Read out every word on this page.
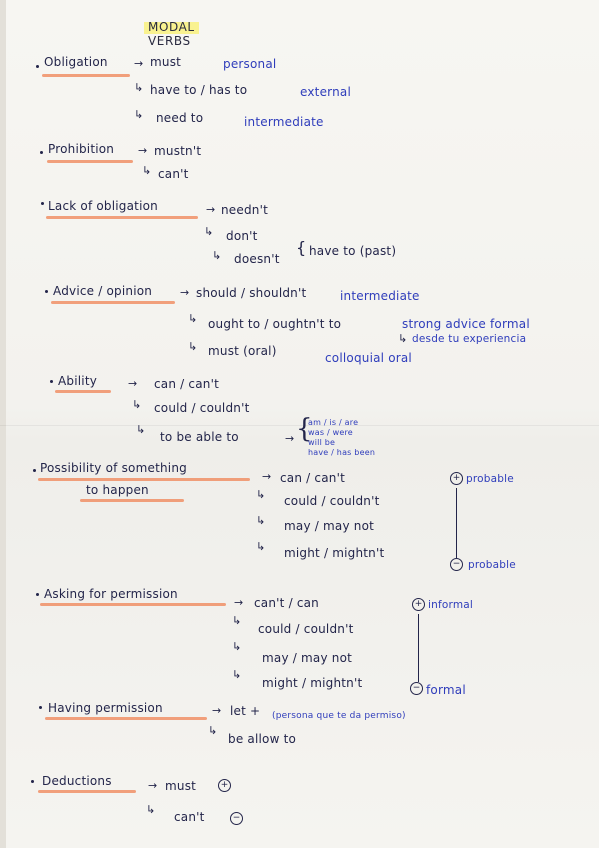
MODAL VERBS
Obligation → must	personal
↳ have to / has to	external
↳ need to	intermediate
Prohibition → mustn't
↳ can't
Lack of obligation	→ needn't
↳ don't
↳ doesn't
{ have to (past)
Advice / opinion	→ should / shouldn't	intermediate
↳ ought to / oughtn't to	strong advice formal
↳ desde tu experiencia
↳ must (oral)	colloquial oral
Ability	→ can / can't
↳ could / couldn't
↳
to be able to	→ {
am / is / are
was / were
will be
have / has been
Possibility of something
to happen
→ can / can't
↳ could / couldn't
↳ may / may not
↳ might / mightn't
+ probable
− probable
Asking for permission
→ can't / can
↳
could / couldn't
↳
may / may not
↳
might / mightn't
+ informal
− formal
Having permission	→ let + (persona que te da permiso)
↳
be allow to
Deductions	→ must	+
↳
can't	−
